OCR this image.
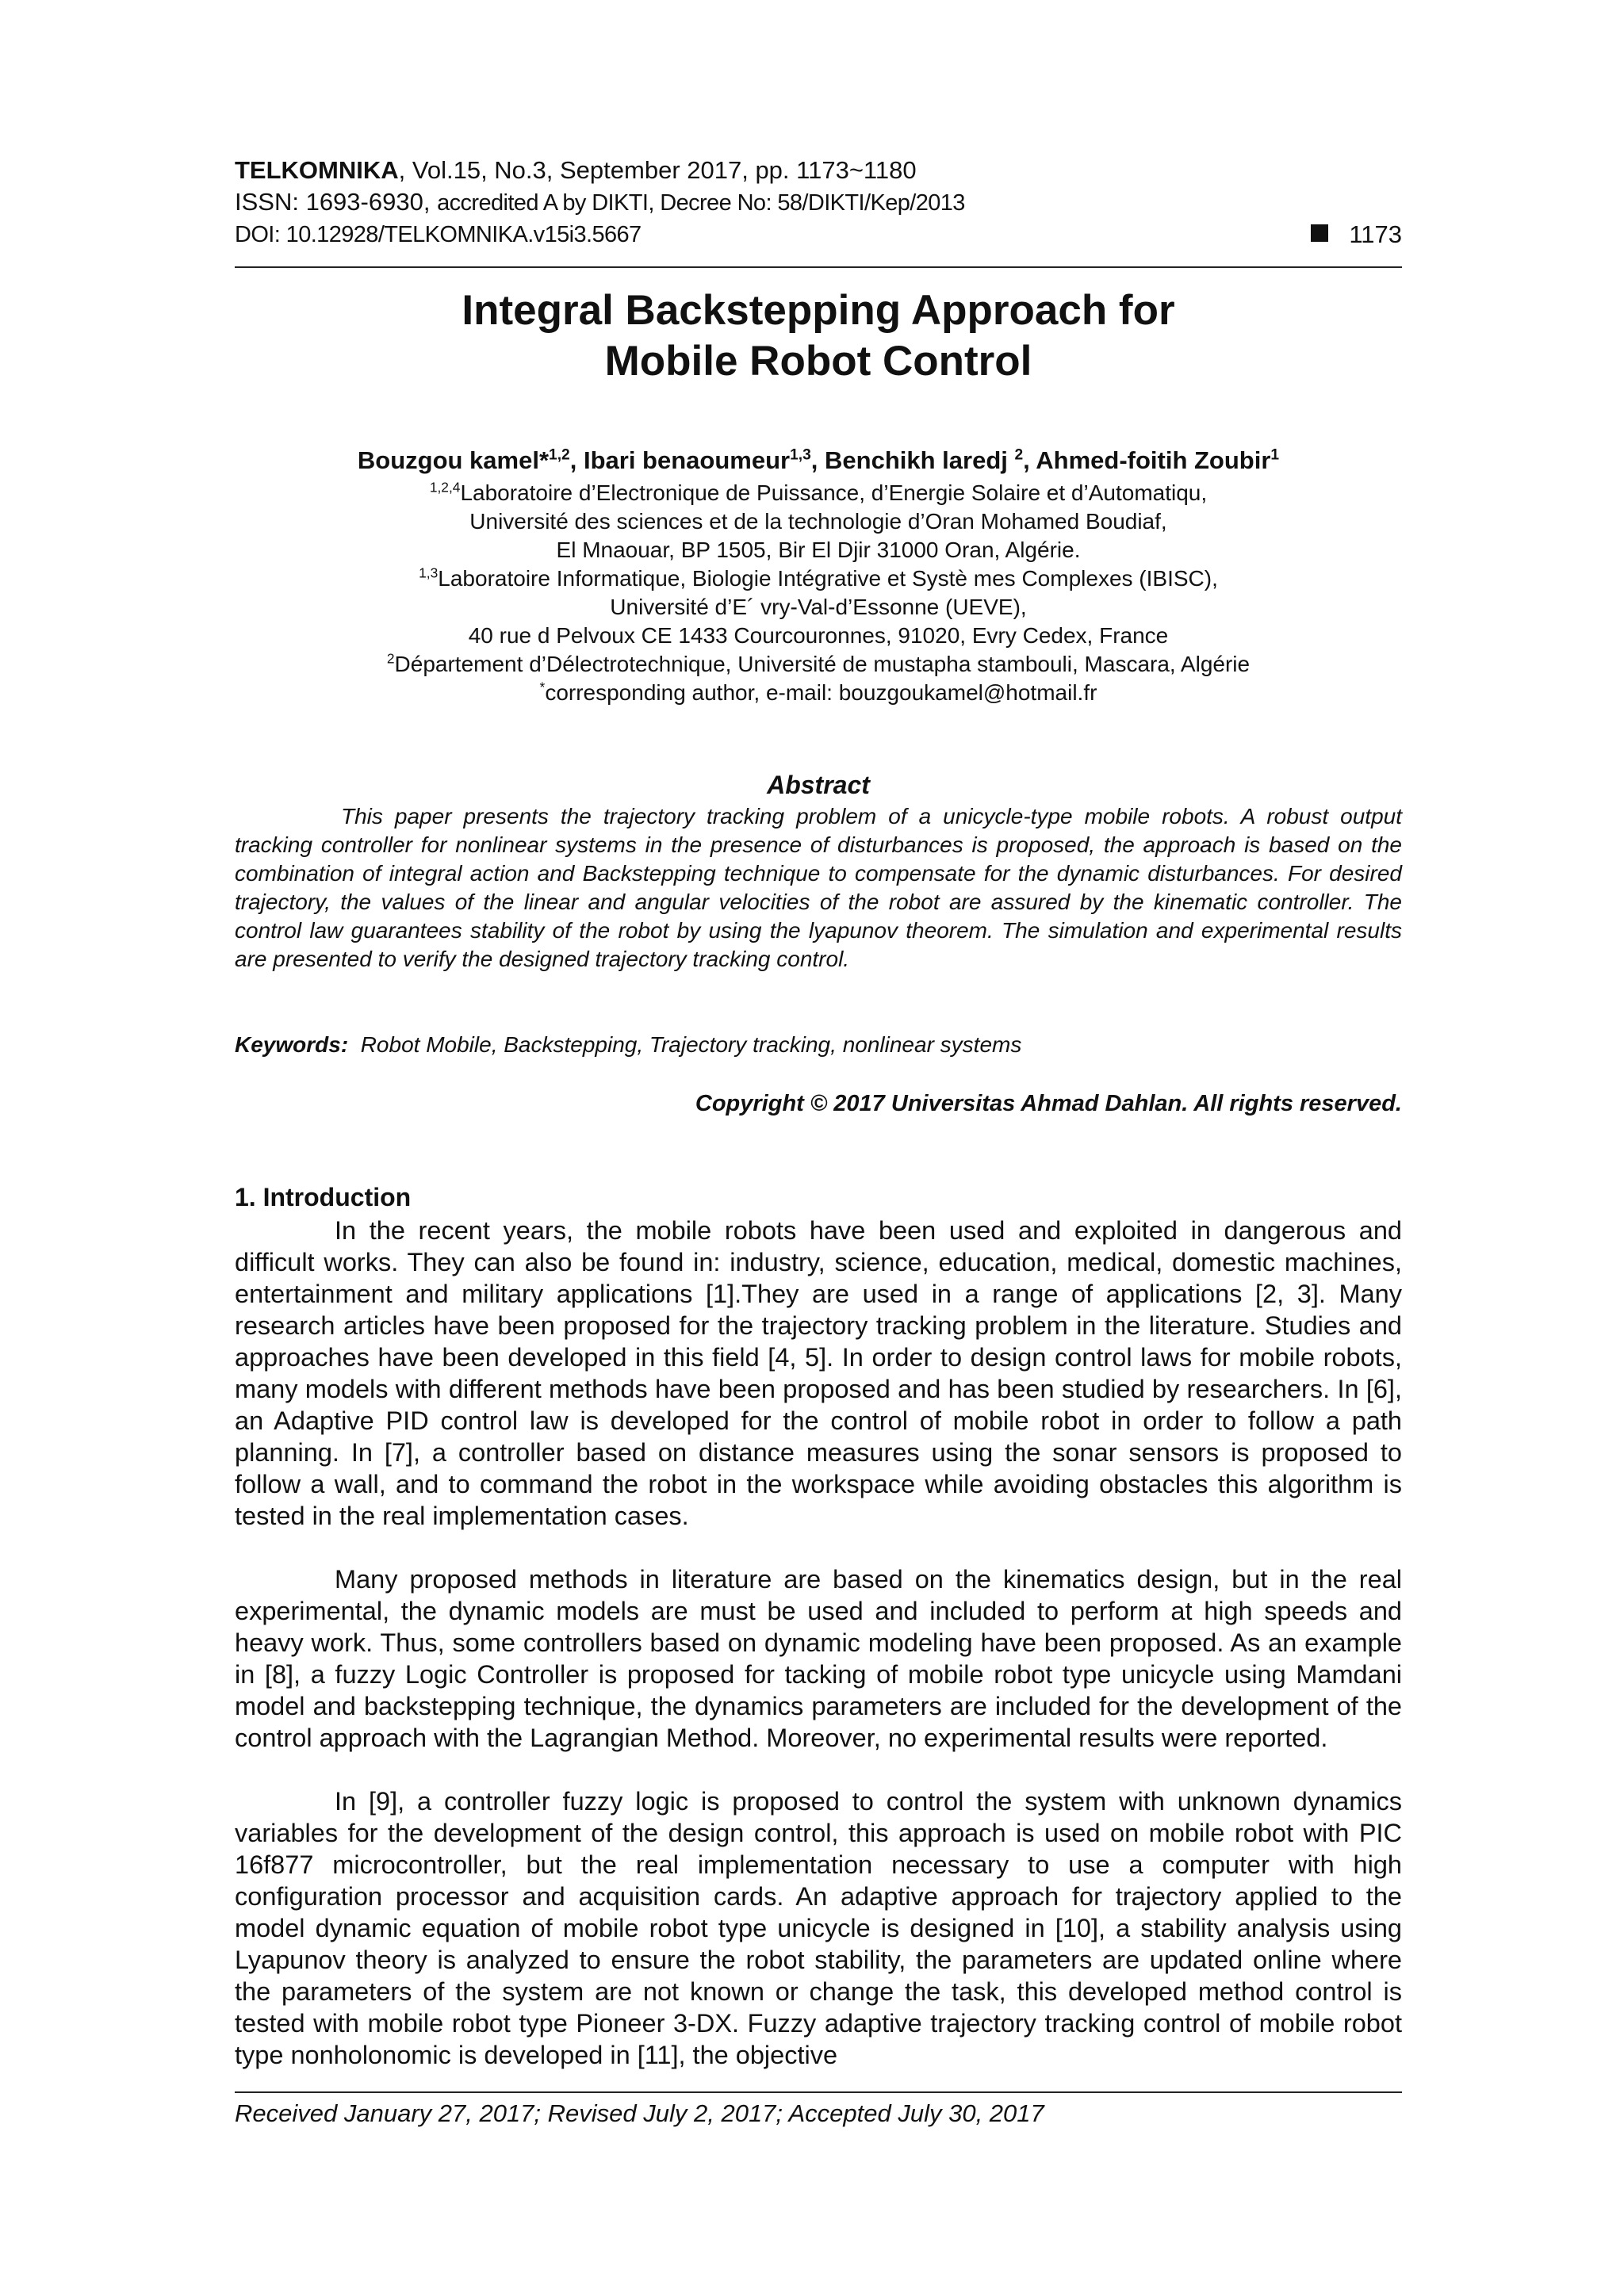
TELKOMNIKA, Vol.15, No.3, September 2017, pp. 1173~1180
ISSN: 1693-6930, accredited A by DIKTI, Decree No: 58/DIKTI/Kep/2013
DOI: 10.12928/TELKOMNIKA.v15i3.5667	1173
Integral Backstepping Approach for
Mobile Robot Control
Bouzgou kamel*$^{1,2}$, Ibari benaoumeur$^{1,3}$, Benchikh laredj $^2$, Ahmed-foitih Zoubir$^1$
$^{1,2,4}$Laboratoire d’Electronique de Puissance, d’Energie Solaire et d’Automatiqu,
Université des sciences et de la technologie d’Oran Mohamed Boudiaf,
El Mnaouar, BP 1505, Bir El Djir 31000 Oran, Algérie.
$^{1,3}$Laboratoire Informatique, Biologie Intégrative et Systè mes Complexes (IBISC),
Université d’E´ vry-Val-d’Essonne (UEVE),
40 rue d Pelvoux CE 1433 Courcouronnes, 91020, Evry Cedex, France
$^2$Département d’Délectrotechnique, Université de mustapha stambouli, Mascara, Algérie
*corresponding author, e-mail: bouzgoukamel@hotmail.fr
Abstract

This paper presents the trajectory tracking problem of a unicycle-type mobile robots. A robust output tracking controller for nonlinear systems in the presence of disturbances is proposed, the approach is based on the combination of integral action and Backstepping technique to compensate for the dynamic disturbances. For desired trajectory, the values of the linear and angular velocities of the robot are assured by the kinematic controller. The control law guarantees stability of the robot by using the lyapunov theorem. The simulation and experimental results are presented to verify the designed trajectory tracking control.

Keywords:  Robot Mobile, Backstepping, Trajectory tracking, nonlinear systems
Copyright © 2017 Universitas Ahmad Dahlan. All rights reserved.
1. Introduction

In the recent years, the mobile robots have been used and exploited in dangerous and difficult works. They can also be found in: industry, science, education, medical, domestic machines, entertainment and military applications [1].They are used in a range of applications [2, 3]. Many research articles have been proposed for the trajectory tracking problem in the literature. Studies and approaches have been developed in this field [4, 5]. In order to design control laws for mobile robots, many models with different methods have been proposed and has been studied by researchers. In [6], an Adaptive PID control law is developed for the control of mobile robot in order to follow a path planning. In [7], a controller based on distance measures using the sonar sensors is proposed to follow a wall, and to command the robot in the workspace while avoiding obstacles this algorithm is tested in the real implementation cases.

Many proposed methods in literature are based on the kinematics design, but in the real experimental, the dynamic models are must be used and included to perform at high speeds and heavy work. Thus, some controllers based on dynamic modeling have been proposed. As an example in [8], a fuzzy Logic Controller is proposed for tacking of mobile robot type unicycle using Mamdani model and backstepping technique, the dynamics parameters are included for the development of the control approach with the Lagrangian Method. Moreover, no experimental results were reported.

In [9], a controller fuzzy logic is proposed to control the system with unknown dynamics variables for the development of the design control, this approach is used on mobile robot with PIC 16f877 microcontroller, but the real implementation necessary to use a computer with high configuration processor and acquisition cards. An adaptive approach for trajectory applied to the model dynamic equation of mobile robot type unicycle is designed in [10], a stability analysis using Lyapunov theory is analyzed to ensure the robot stability, the parameters are updated online where the parameters of the system are not known or change the task, this developed method control is tested with mobile robot type Pioneer 3-DX. Fuzzy adaptive trajectory tracking control of mobile robot type nonholonomic is developed in [11], the objective

Received January 27, 2017; Revised July 2, 2017; Accepted July 30, 2017
